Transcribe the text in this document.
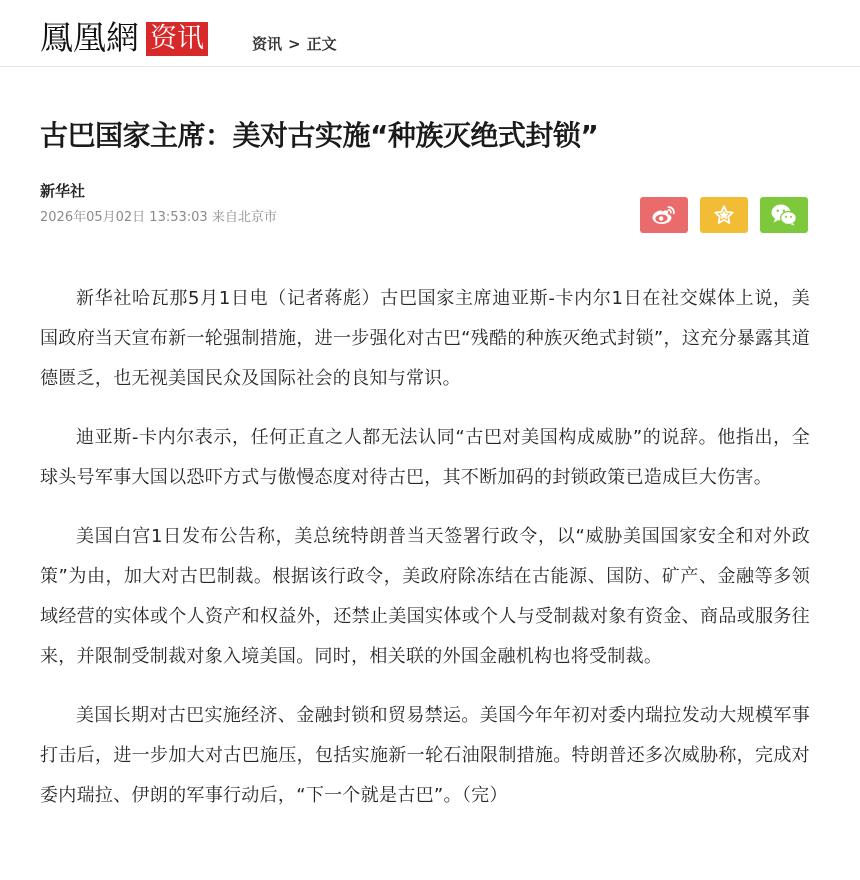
鳳凰網 资讯	资讯 > 正文
古巴国家主席：美对古实施“种族灭绝式封锁”
新华社
2026年05月02日 13:53:03 来自北京市

新华社哈瓦那5月1日电（记者蒋彪）古巴国家主席迪亚斯-卡内尔1日在社交媒体上说，美国政府当天宣布新一轮强制措施，进一步强化对古巴“残酷的种族灭绝式封锁”，这充分暴露其道德匮乏，也无视美国民众及国际社会的良知与常识。

迪亚斯-卡内尔表示，任何正直之人都无法认同“古巴对美国构成威胁”的说辞。他指出，全球头号军事大国以恐吓方式与傲慢态度对待古巴，其不断加码的封锁政策已造成巨大伤害。

美国白宫1日发布公告称，美总统特朗普当天签署行政令，以“威胁美国国家安全和对外政策”为由，加大对古巴制裁。根据该行政令，美政府除冻结在古能源、国防、矿产、金融等多领域经营的实体或个人资产和权益外，还禁止美国实体或个人与受制裁对象有资金、商品或服务往来，并限制受制裁对象入境美国。同时，相关联的外国金融机构也将受制裁。

美国长期对古巴实施经济、金融封锁和贸易禁运。美国今年年初对委内瑞拉发动大规模军事打击后，进一步加大对古巴施压，包括实施新一轮石油限制措施。特朗普还多次威胁称，完成对委内瑞拉、伊朗的军事行动后，“下一个就是古巴”。（完）
